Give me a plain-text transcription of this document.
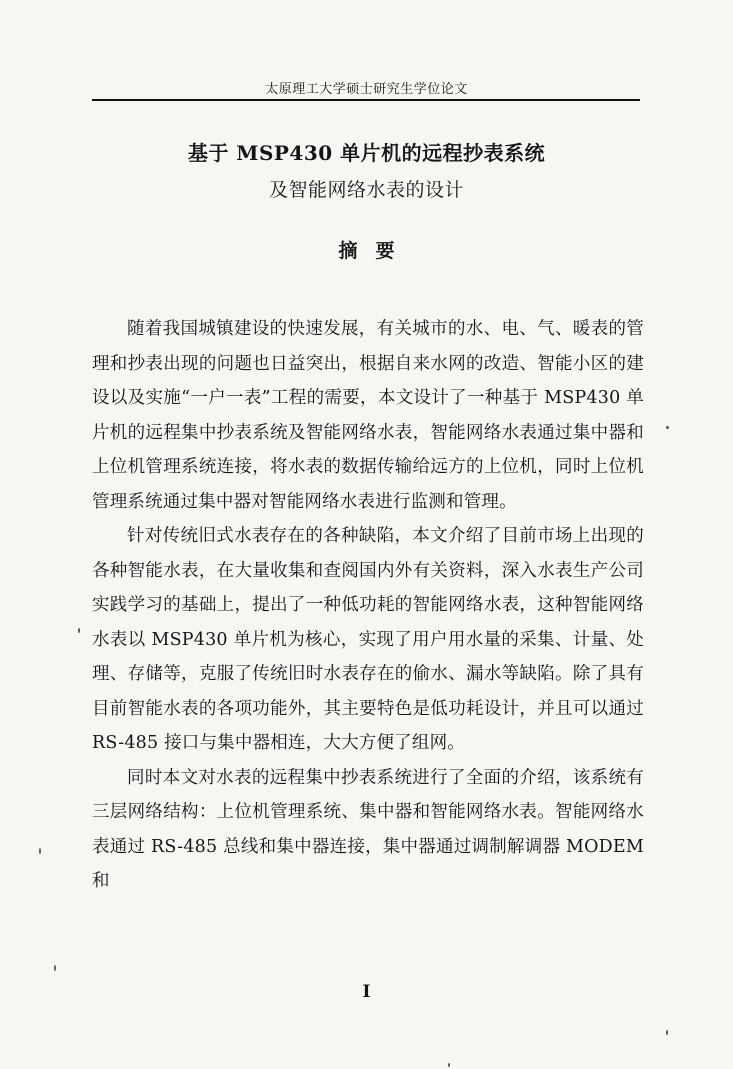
太原理工大学硕士研究生学位论文
基于 MSP430 单片机的远程抄表系统
及智能网络水表的设计
摘要

随着我国城镇建设的快速发展，有关城市的水、电、气、暖表的管理和抄表出现的问题也日益突出，根据自来水网的改造、智能小区的建设以及实施“一户一表”工程的需要，本文设计了一种基于 MSP430 单片机的远程集中抄表系统及智能网络水表，智能网络水表通过集中器和上位机管理系统连接，将水表的数据传输给远方的上位机，同时上位机管理系统通过集中器对智能网络水表进行监测和管理。

针对传统旧式水表存在的各种缺陷，本文介绍了目前市场上出现的各种智能水表，在大量收集和查阅国内外有关资料，深入水表生产公司实践学习的基础上，提出了一种低功耗的智能网络水表，这种智能网络水表以 MSP430 单片机为核心，实现了用户用水量的采集、计量、处理、存储等，克服了传统旧时水表存在的偷水、漏水等缺陷。除了具有目前智能水表的各项功能外，其主要特色是低功耗设计，并且可以通过 RS-485 接口与集中器相连，大大方便了组网。

同时本文对水表的远程集中抄表系统进行了全面的介绍，该系统有三层网络结构：上位机管理系统、集中器和智能网络水表。智能网络水表通过 RS-485 总线和集中器连接，集中器通过调制解调器 MODEM 和

I
